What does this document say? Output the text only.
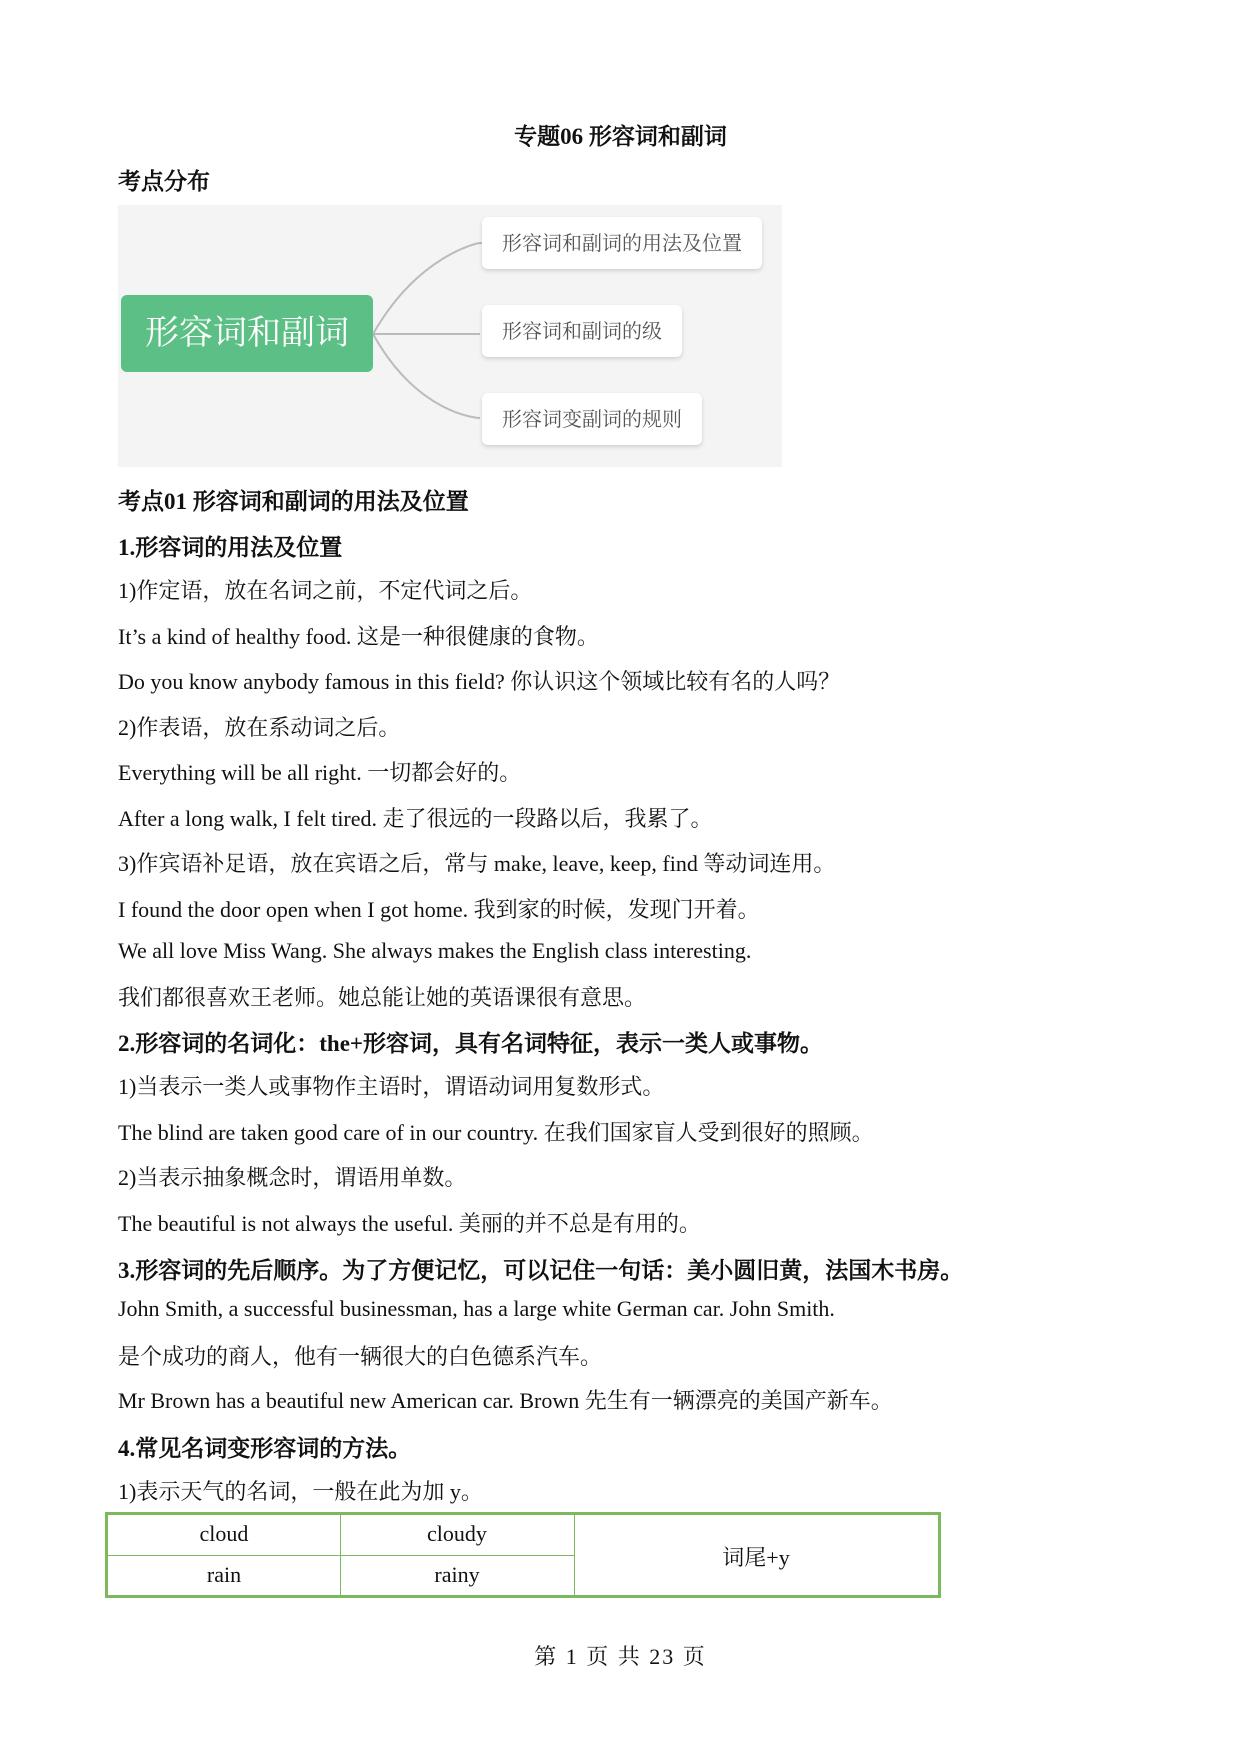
专题06 形容词和副词
考点分布
形容词和副词
形容词和副词的用法及位置
形容词和副词的级
形容词变副词的规则
考点01 形容词和副词的用法及位置
1.形容词的用法及位置
1)作定语，放在名词之前，不定代词之后。
It’s a kind of healthy food. 这是一种很健康的食物。
Do you know anybody famous in this field? 你认识这个领域比较有名的人吗？
2)作表语，放在系动词之后。
Everything will be all right. 一切都会好的。
After a long walk, I felt tired. 走了很远的一段路以后，我累了。
3)作宾语补足语，放在宾语之后，常与 make, leave, keep, find 等动词连用。
I found the door open when I got home. 我到家的时候，发现门开着。
We all love Miss Wang. She always makes the English class interesting.
我们都很喜欢王老师。她总能让她的英语课很有意思。
2.形容词的名词化：the+形容词，具有名词特征，表示一类人或事物。
1)当表示一类人或事物作主语时，谓语动词用复数形式。
The blind are taken good care of in our country. 在我们国家盲人受到很好的照顾。
2)当表示抽象概念时，谓语用单数。
The beautiful is not always the useful. 美丽的并不总是有用的。
3.形容词的先后顺序。为了方便记忆，可以记住一句话：美小圆旧黄，法国木书房。
John Smith, a successful businessman, has a large white German car. John Smith.
是个成功的商人，他有一辆很大的白色德系汽车。
Mr Brown has a beautiful new American car. Brown 先生有一辆漂亮的美国产新车。
4.常见名词变形容词的方法。
1)表示天气的名词，一般在此为加 y。
cloud	cloudy
rain	rainy
词尾+y
第 1 页 共 23 页
